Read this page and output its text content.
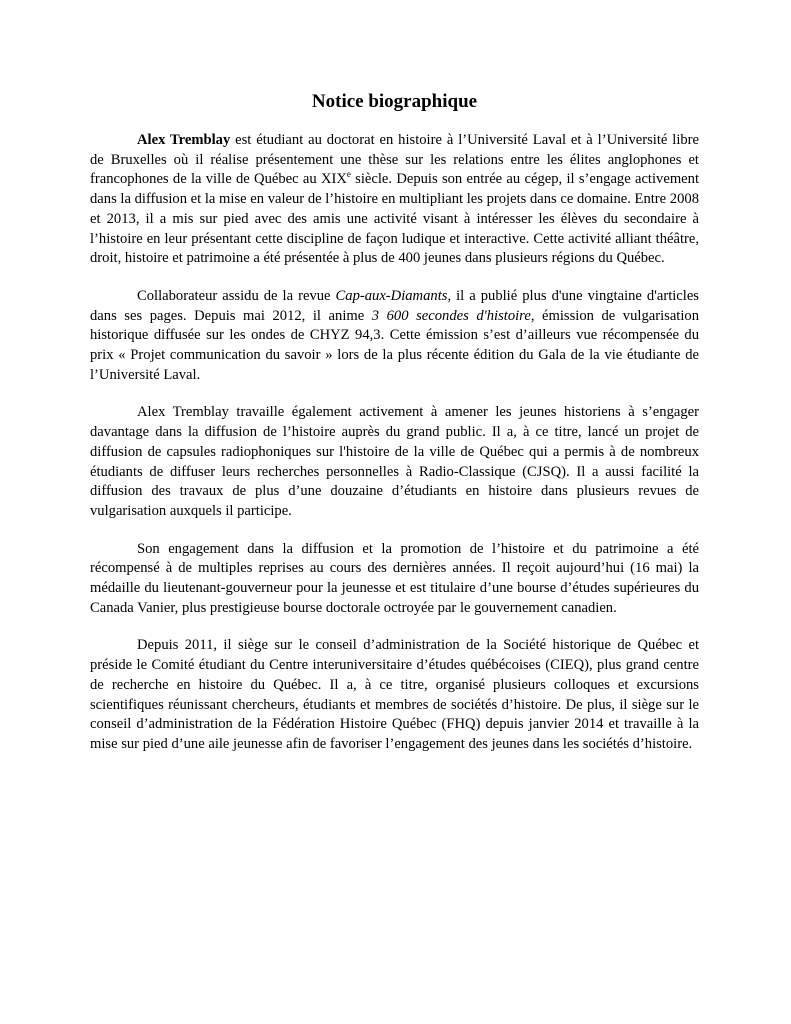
Notice biographique
Alex Tremblay est étudiant au doctorat en histoire à l’Université Laval et à l’Université libre de Bruxelles où il réalise présentement une thèse sur les relations entre les élites anglophones et francophones de la ville de Québec au XIXe siècle. Depuis son entrée au cégep, il s’engage activement dans la diffusion et la mise en valeur de l’histoire en multipliant les projets dans ce domaine. Entre 2008 et 2013, il a mis sur pied avec des amis une activité visant à intéresser les élèves du secondaire à l’histoire en leur présentant cette discipline de façon ludique et interactive. Cette activité alliant théâtre, droit, histoire et patrimoine a été présentée à plus de 400 jeunes dans plusieurs régions du Québec.
Collaborateur assidu de la revue Cap-aux-Diamants, il a publié plus d'une vingtaine d'articles dans ses pages. Depuis mai 2012, il anime 3 600 secondes d'histoire, émission de vulgarisation historique diffusée sur les ondes de CHYZ 94,3. Cette émission s’est d’ailleurs vue récompensée du prix « Projet communication du savoir » lors de la plus récente édition du Gala de la vie étudiante de l’Université Laval.
Alex Tremblay travaille également activement à amener les jeunes historiens à s’engager davantage dans la diffusion de l’histoire auprès du grand public. Il a, à ce titre, lancé un projet de diffusion de capsules radiophoniques sur l'histoire de la ville de Québec qui a permis à de nombreux étudiants de diffuser leurs recherches personnelles à Radio-Classique (CJSQ). Il a aussi facilité la diffusion des travaux de plus d’une douzaine d’étudiants en histoire dans plusieurs revues de vulgarisation auxquels il participe.
Son engagement dans la diffusion et la promotion de l’histoire et du patrimoine a été récompensé à de multiples reprises au cours des dernières années. Il reçoit aujourd’hui (16 mai) la médaille du lieutenant-gouverneur pour la jeunesse et est titulaire d’une bourse d’études supérieures du Canada Vanier, plus prestigieuse bourse doctorale octroyée par le gouvernement canadien.
Depuis 2011, il siège sur le conseil d’administration de la Société historique de Québec et préside le Comité étudiant du Centre interuniversitaire d’études québécoises (CIEQ), plus grand centre de recherche en histoire du Québec. Il a, à ce titre, organisé plusieurs colloques et excursions scientifiques réunissant chercheurs, étudiants et membres de sociétés d’histoire. De plus, il siège sur le conseil d’administration de la Fédération Histoire Québec (FHQ) depuis janvier 2014 et travaille à la mise sur pied d’une aile jeunesse afin de favoriser l’engagement des jeunes dans les sociétés d’histoire.
